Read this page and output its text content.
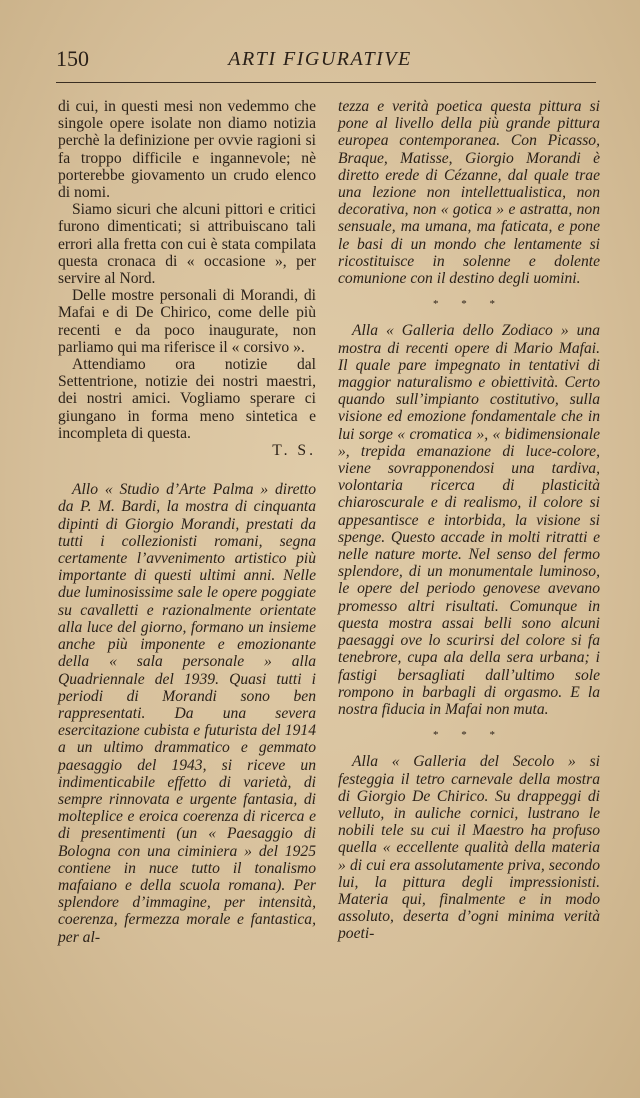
150	ARTI FIGURATIVE

di cui, in questi mesi non vedemmo che singole opere isolate non diamo notizia perchè la definizione per ovvie ragioni si fa troppo difficile e ingannevole; nè porterebbe giovamento un crudo elenco di nomi.

Siamo sicuri che alcuni pittori e critici furono dimenticati; si attribuiscano tali errori alla fretta con cui è stata compilata questa cronaca di « occasione », per servire al Nord.

Delle mostre personali di Morandi, di Mafai e di De Chirico, come delle più recenti e da poco inaugurate, non parliamo qui ma riferisce il « corsivo ».

Attendiamo ora notizie dal Settentrione, notizie dei nostri maestri, dei nostri amici. Vogliamo sperare ci giungano in forma meno sintetica e incompleta di questa.

T. S.

Allo « Studio d’Arte Palma » diretto da P. M. Bardi, la mostra di cinquanta dipinti di Giorgio Morandi, prestati da tutti i collezionisti romani, segna certamente l’avvenimento artistico più importante di questi ultimi anni. Nelle due luminosissime sale le opere poggiate su cavalletti e razionalmente orientate alla luce del giorno, formano un insieme anche più imponente e emozionante della « sala personale » alla Quadriennale del 1939. Quasi tutti i periodi di Morandi sono ben rappresentati. Da una severa esercitazione cubista e futurista del 1914 a un ultimo drammatico e gemmato paesaggio del 1943, si riceve un indimenticabile effetto di varietà, di sempre rinnovata e urgente fantasia, di molteplice e eroica coerenza di ricerca e di presentimenti (un « Paesaggio di Bologna con una ciminiera » del 1925 contiene in nuce tutto il tonalismo mafaiano e della scuola romana). Per splendore d’immagine, per intensità, coerenza, fermezza morale e fantastica, per al-

tezza e verità poetica questa pittura si pone al livello della più grande pittura europea contemporanea. Con Picasso, Braque, Matisse, Giorgio Morandi è diretto erede di Cézanne, dal quale trae una lezione non intellettualistica, non decorativa, non « gotica » e astratta, non sensuale, ma umana, ma faticata, e pone le basi di un mondo che lentamente si ricostituisce in solenne e dolente comunione con il destino degli uomini.

* * *

Alla « Galleria dello Zodiaco » una mostra di recenti opere di Mario Mafai. Il quale pare impegnato in tentativi di maggior naturalismo e obiettività. Certo quando sull’impianto costitutivo, sulla visione ed emozione fondamentale che in lui sorge « cromatica », « bidimensionale », trepida emanazione di luce-colore, viene sovrapponendosi una tardiva, volontaria ricerca di plasticità chiaroscurale e di realismo, il colore si appesantisce e intorbida, la visione si spenge. Questo accade in molti ritratti e nelle nature morte. Nel senso del fermo splendore, di un monumentale luminoso, le opere del periodo genovese avevano promesso altri risultati. Comunque in questa mostra assai belli sono alcuni paesaggi ove lo scurirsi del colore si fa tenebrore, cupa ala della sera urbana; i fastigi bersagliati dall’ultimo sole rompono in barbagli di orgasmo. E la nostra fiducia in Mafai non muta.

* * *

Alla « Galleria del Secolo » si festeggia il tetro carnevale della mostra di Giorgio De Chirico. Su drappeggi di velluto, in auliche cornici, lustrano le nobili tele su cui il Maestro ha profuso quella « eccellente qualità della materia » di cui era assolutamente priva, secondo lui, la pittura degli impressionisti. Materia qui, finalmente e in modo assoluto, deserta d’ogni minima verità poeti-
